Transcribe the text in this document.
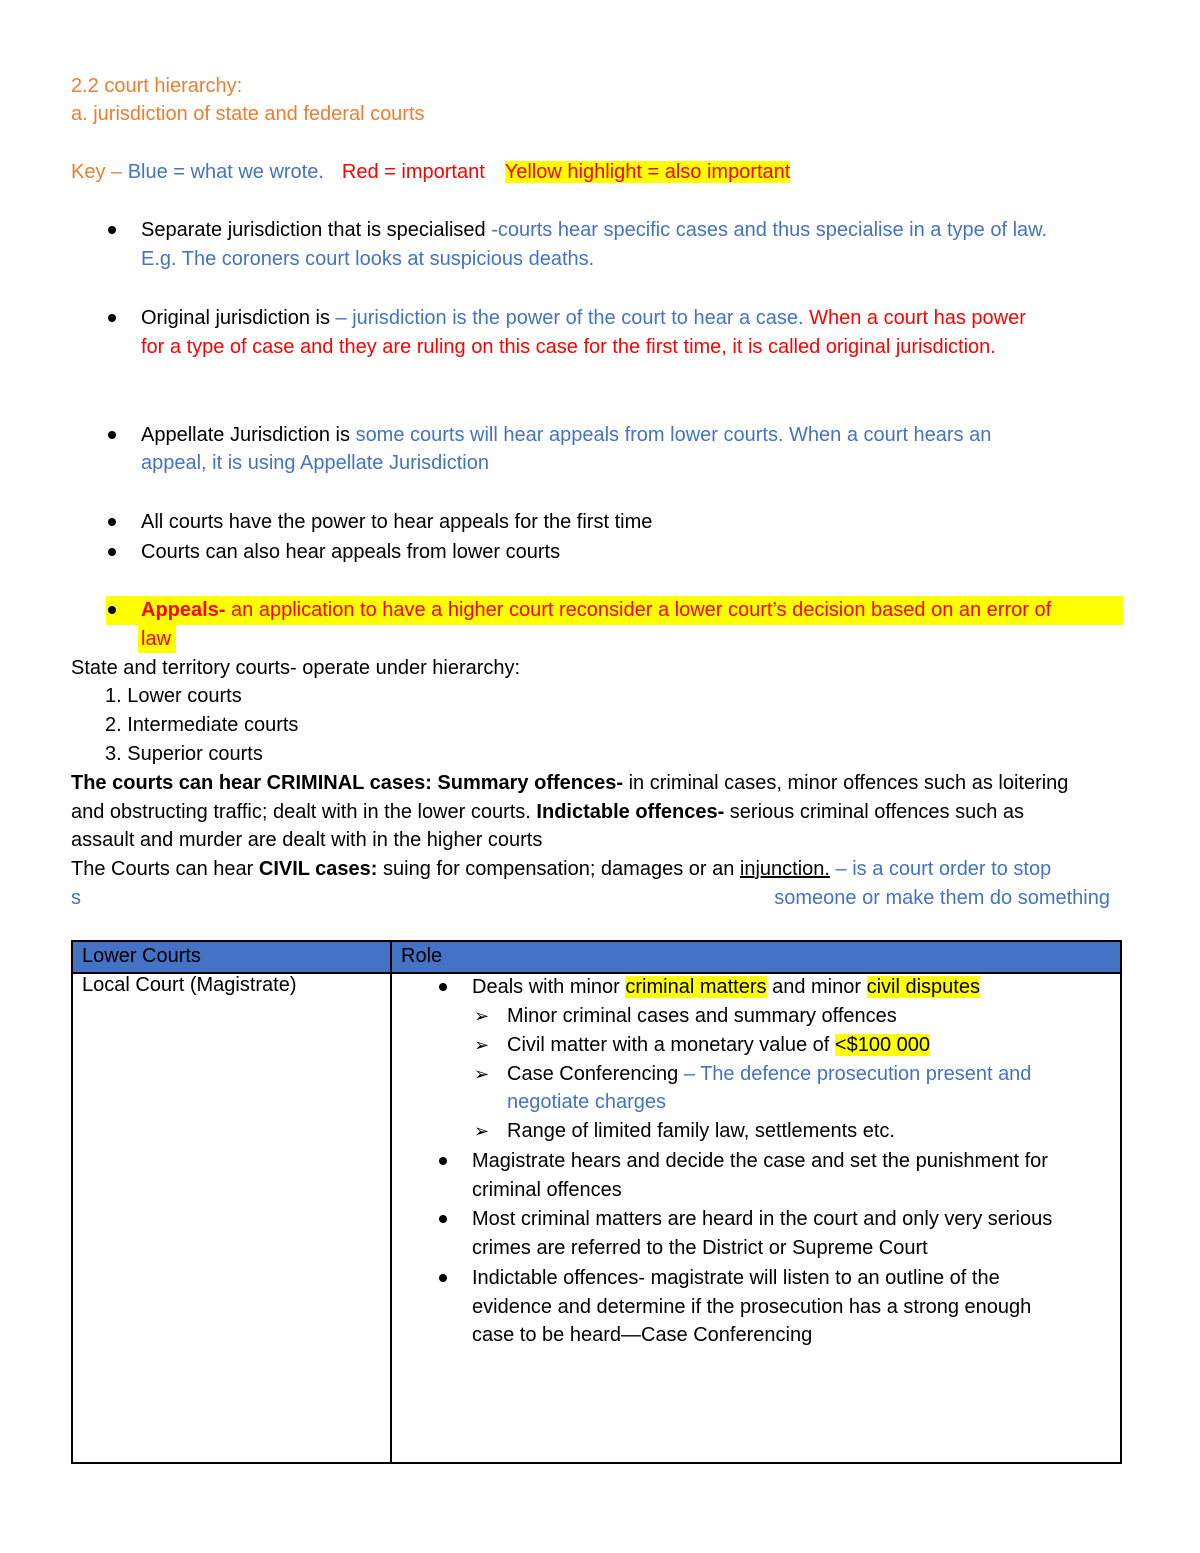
2.2 court hierarchy:
a. jurisdiction of state and federal courts
Key – Blue = what we wrote. Red = important Yellow highlight = also important
Separate jurisdiction that is specialised -courts hear specific cases and thus specialise in a type of law.
E.g. The coroners court looks at suspicious deaths.
Original jurisdiction is – jurisdiction is the power of the court to hear a case. When a court has power
for a type of case and they are ruling on this case for the first time, it is called original jurisdiction.
Appellate Jurisdiction is some courts will hear appeals from lower courts. When a court hears an
appeal, it is using Appellate Jurisdiction
All courts have the power to hear appeals for the first time
Courts can also hear appeals from lower courts
Appeals- an application to have a higher court reconsider a lower court’s decision based on an error of
law
State and territory courts- operate under hierarchy:
1. Lower courts
2. Intermediate courts
3. Superior courts
The courts can hear CRIMINAL cases: Summary offences- in criminal cases, minor offences such as loitering
and obstructing traffic; dealt with in the lower courts. Indictable offences- serious criminal offences such as
assault and murder are dealt with in the higher courts
The Courts can hear CIVIL cases: suing for compensation; damages or an injunction. – is a court order to stop
s	someone or make them do something
Lower Courts	Role
Local Court (Magistrate)	Deals with minor criminal matters and minor civil disputes
➢ Minor criminal cases and summary offences
➢ Civil matter with a monetary value of <$100 000
➢ Case Conferencing – The defence prosecution present and
negotiate charges
➢ Range of limited family law, settlements etc.
Magistrate hears and decide the case and set the punishment for
criminal offences
Most criminal matters are heard in the court and only very serious
crimes are referred to the District or Supreme Court
Indictable offences- magistrate will listen to an outline of the
evidence and determine if the prosecution has a strong enough
case to be heard—Case Conferencing
